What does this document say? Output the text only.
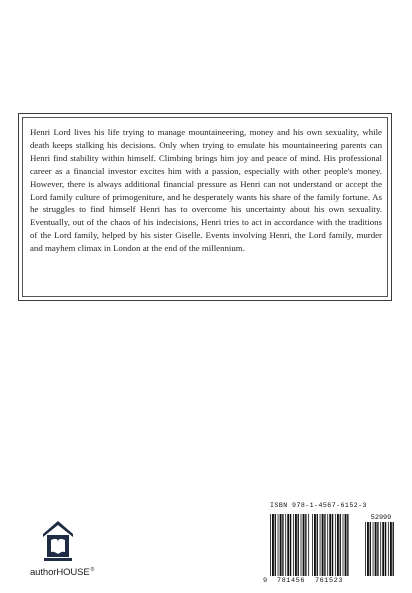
Henri Lord lives his life trying to manage mountaineering, money and his own sexuality, while death keeps stalking his decisions. Only when trying to emulate his mountaineering parents can Henri find stability within himself. Climbing brings him joy and peace of mind. His professional career as a financial investor excites him with a passion, especially with other people's money. However, there is always additional financial pressure as Henri can not understand or accept the Lord family culture of primogeniture, and he desperately wants his share of the family fortune. As he struggles to find himself Henri has to overcome his uncertainty about his own sexuality. Eventually, out of the chaos of his indecisions, Henri tries to act in accordance with the traditions of the Lord family, helped by his sister Giselle. Events involving Henri, the Lord family, murder and mayhem climax in London at the end of the millennium.

ISBN 978-1-4567-6152-3
52999
9 781456 761523
authorHOUSE®
